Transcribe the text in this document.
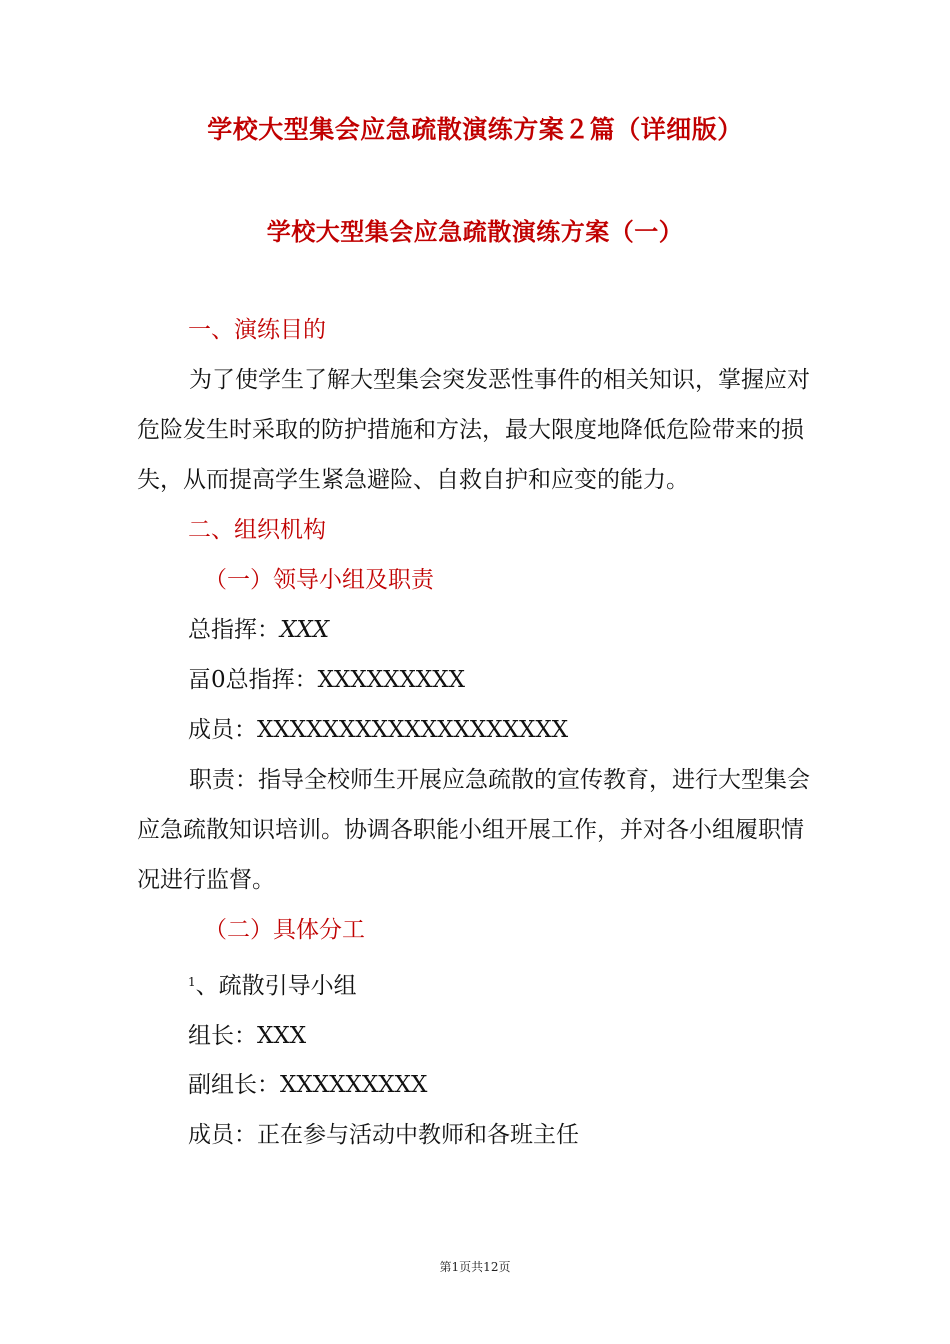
学校大型集会应急疏散演练方案２篇（详细版）
学校大型集会应急疏散演练方案（一）
一、演练目的

为了使学生了解大型集会突发恶性事件的相关知识，掌握应对危险发生时采取的防护措施和方法，最大限度地降低危险带来的损失，从而提高学生紧急避险、自救自护和应变的能力。

二、组织机构
（一）领导小组及职责
总指挥：XXX
畐0总指挥：XXXXXXXXX
成员：XXXXXXXXXXXXXXXXXXX

职责：指导全校师生开展应急疏散的宣传教育，进行大型集会应急疏散知识培训。协调各职能小组开展工作，并对各小组履职情况进行监督。

（二）具体分工
$^1$、疏散引导小组
组长：XXX
副组长：XXXXXXXXX
成员：正在参与活动中教师和各班主任
第1页共12页
